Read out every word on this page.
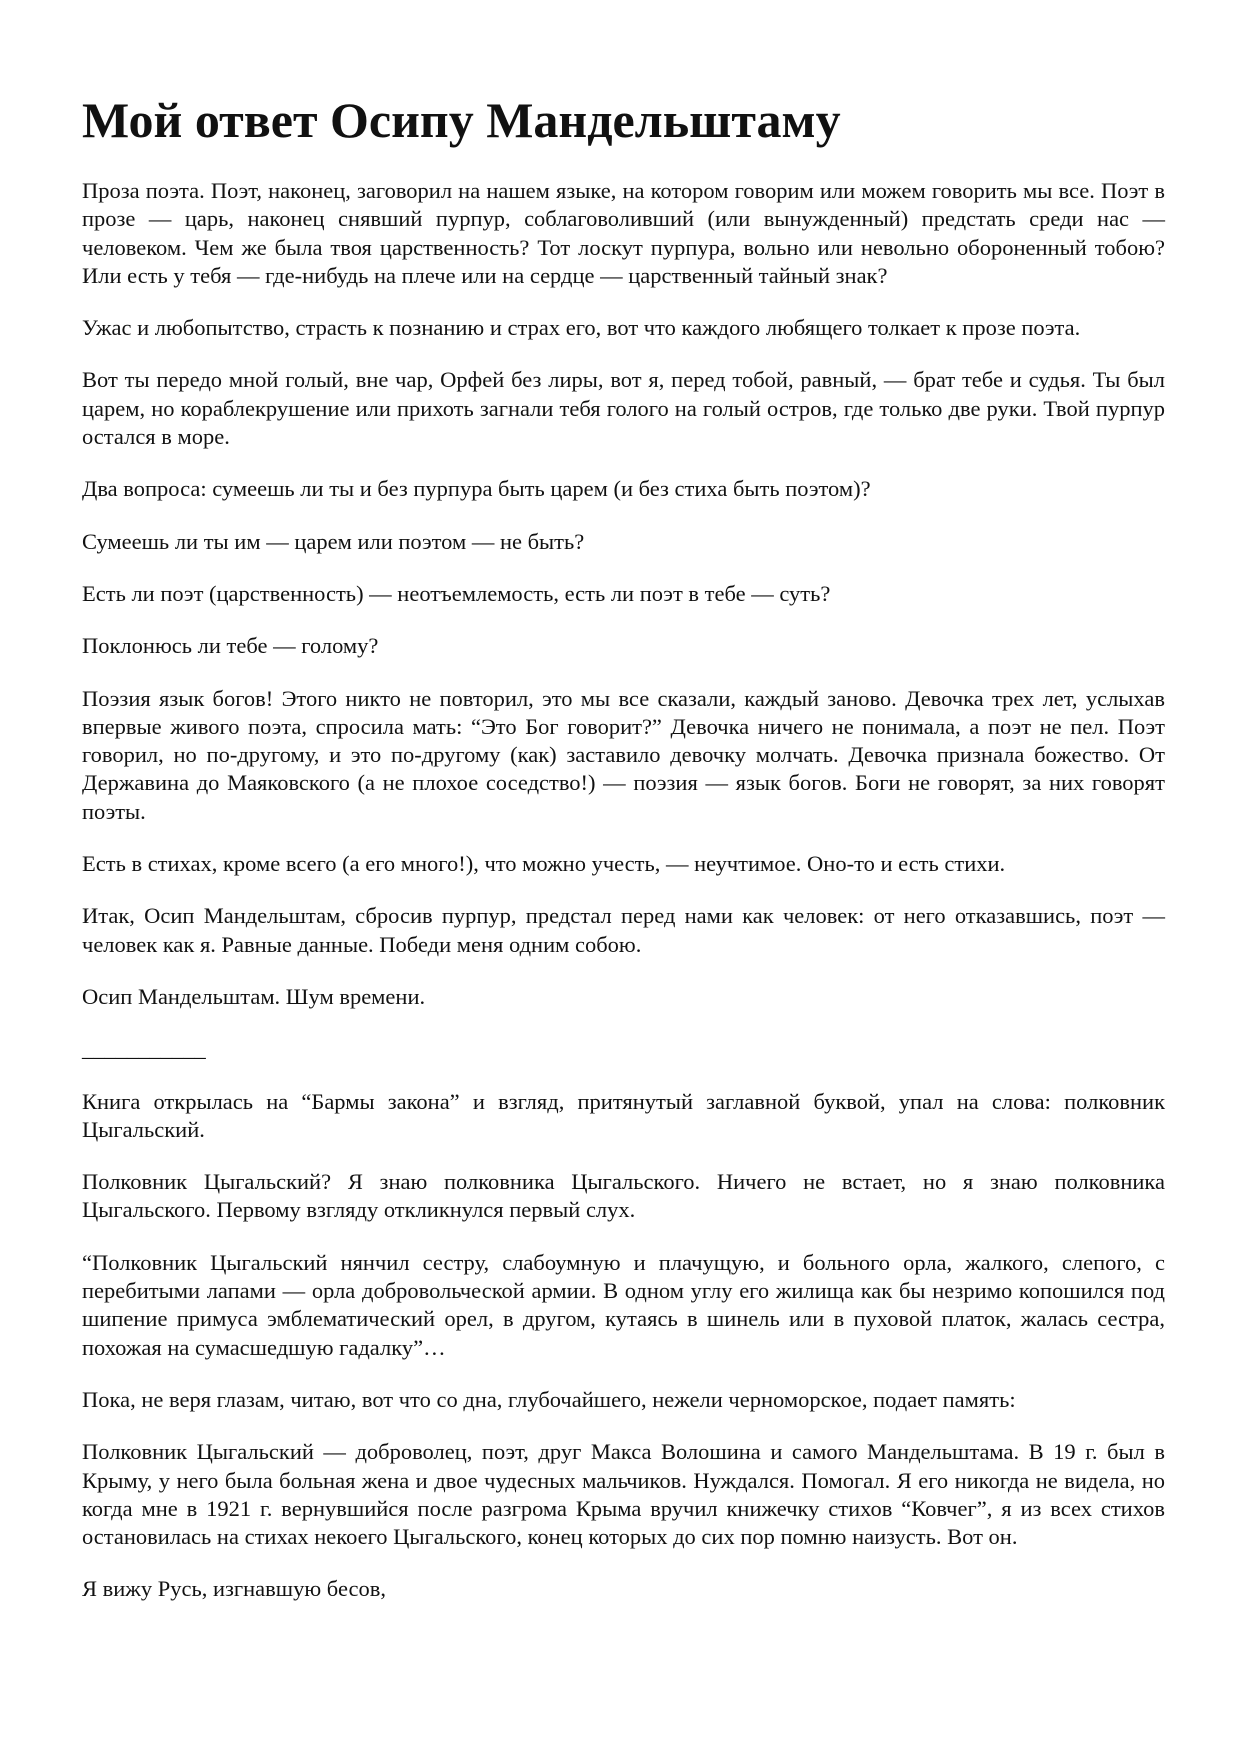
Мой ответ Осипу Мандельштаму

Проза поэта. Поэт, наконец, заговорил на нашем языке, на котором говорим или можем говорить мы все. Поэт в прозе — царь, наконец снявший пурпур, соблаговоливший (или вынужденный) предстать среди нас — человеком. Чем же была твоя царственность? Тот лоскут пурпура, вольно или невольно обороненный тобою? Или есть у тебя — где-нибудь на плече или на сердце — царственный тайный знак?

Ужас и любопытство, страсть к познанию и страх его, вот что каждого любящего толкает к прозе поэта.

Вот ты передо мной голый, вне чар, Орфей без лиры, вот я, перед тобой, равный, — брат тебе и судья. Ты был царем, но кораблекрушение или прихоть загнали тебя голого на голый остров, где только две руки. Твой пурпур остался в море.

Два вопроса: сумеешь ли ты и без пурпура быть царем (и без стиха быть поэтом)?

Сумеешь ли ты им — царем или поэтом — не быть?

Есть ли поэт (царственность) — неотъемлемость, есть ли поэт в тебе — суть?

Поклонюсь ли тебе — голому?

Поэзия язык богов! Этого никто не повторил, это мы все сказали, каждый заново. Девочка трех лет, услыхав впервые живого поэта, спросила мать: “Это Бог говорит?” Девочка ничего не понимала, а поэт не пел. Поэт говорил, но по-другому, и это по-другому (как) заставило девочку молчать. Девочка признала божество. От Державина до Маяковского (а не плохое соседство!) — поэзия — язык богов. Боги не говорят, за них говорят поэты.

Есть в стихах, кроме всего (а его много!), что можно учесть, — неучтимое. Оно-то и есть стихи.

Итак, Осип Мандельштам, сбросив пурпур, предстал перед нами как человек: от него отказавшись, поэт — человек как я. Равные данные. Победи меня одним собою.

Осип Мандельштам. Шум времени.

___________

Книга открылась на “Бармы закона” и взгляд, притянутый заглавной буквой, упал на слова: полковник Цыгальский.

Полковник Цыгальский? Я знаю полковника Цыгальского. Ничего не встает, но я знаю полковника Цыгальского. Первому взгляду откликнулся первый слух.

“Полковник Цыгальский нянчил сестру, слабоумную и плачущую, и больного орла, жалкого, слепого, с перебитыми лапами — орла добровольческой армии. В одном углу его жилища как бы незримо копошился под шипение примуса эмблематический орел, в другом, кутаясь в шинель или в пуховой платок, жалась сестра, похожая на сумасшедшую гадалку”…

Пока, не веря глазам, читаю, вот что со дна, глубочайшего, нежели черноморское, подает память:

Полковник Цыгальский — доброволец, поэт, друг Макса Волошина и самого Мандельштама. В 19 г. был в Крыму, у него была больная жена и двое чудесных мальчиков. Нуждался. Помогал. Я его никогда не видела, но когда мне в 1921 г. вернувшийся после разгрома Крыма вручил книжечку стихов “Ковчег”, я из всех стихов остановилась на стихах некоего Цыгальского, конец которых до сих пор помню наизусть. Вот он.

Я вижу Русь, изгнавшую бесов,
